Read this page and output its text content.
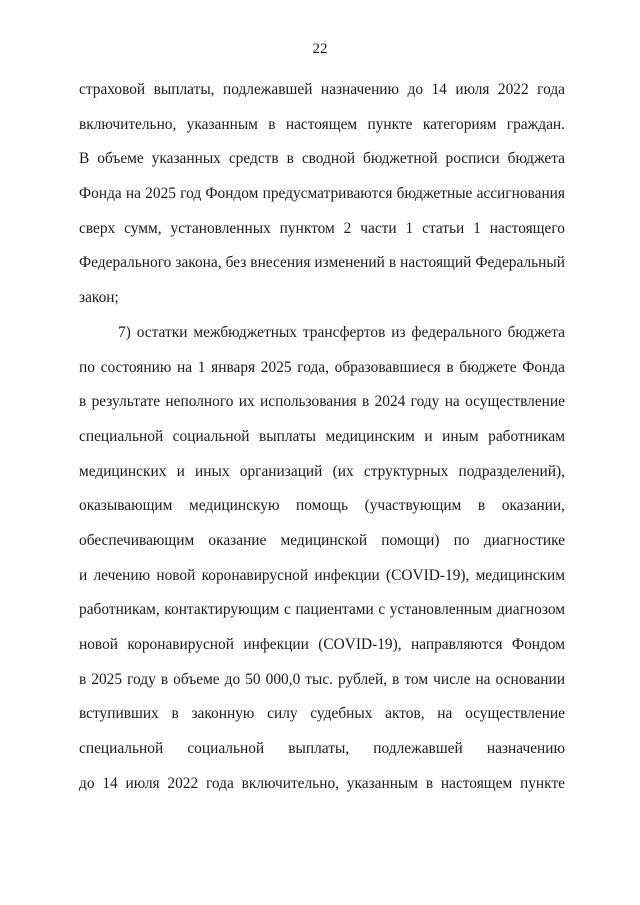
22

страховой выплаты, подлежавшей назначению до 14 июля 2022 года
включительно, указанным в настоящем пункте категориям граждан.
В объеме указанных средств в сводной бюджетной росписи бюджета
Фонда на 2025 год Фондом предусматриваются бюджетные ассигнования
сверх сумм, установленных пунктом 2 части 1 статьи 1 настоящего
Федерального закона, без внесения изменений в настоящий Федеральный
закон;

7) остатки межбюджетных трансфертов из федерального бюджета
по состоянию на 1 января 2025 года, образовавшиеся в бюджете Фонда
в результате неполного их использования в 2024 году на осуществление
специальной социальной выплаты медицинским и иным работникам
медицинских и иных организаций (их структурных подразделений),
оказывающим медицинскую помощь (участвующим в оказании,
обеспечивающим оказание медицинской помощи) по диагностике
и лечению новой коронавирусной инфекции (COVID-19), медицинским
работникам, контактирующим с пациентами с установленным диагнозом
новой коронавирусной инфекции (COVID-19), направляются Фондом
в 2025 году в объеме до 50 000,0 тыс. рублей, в том числе на основании
вступивших в законную силу судебных актов, на осуществление
специальной социальной выплаты, подлежавшей назначению
до 14 июля 2022 года включительно, указанным в настоящем пункте
